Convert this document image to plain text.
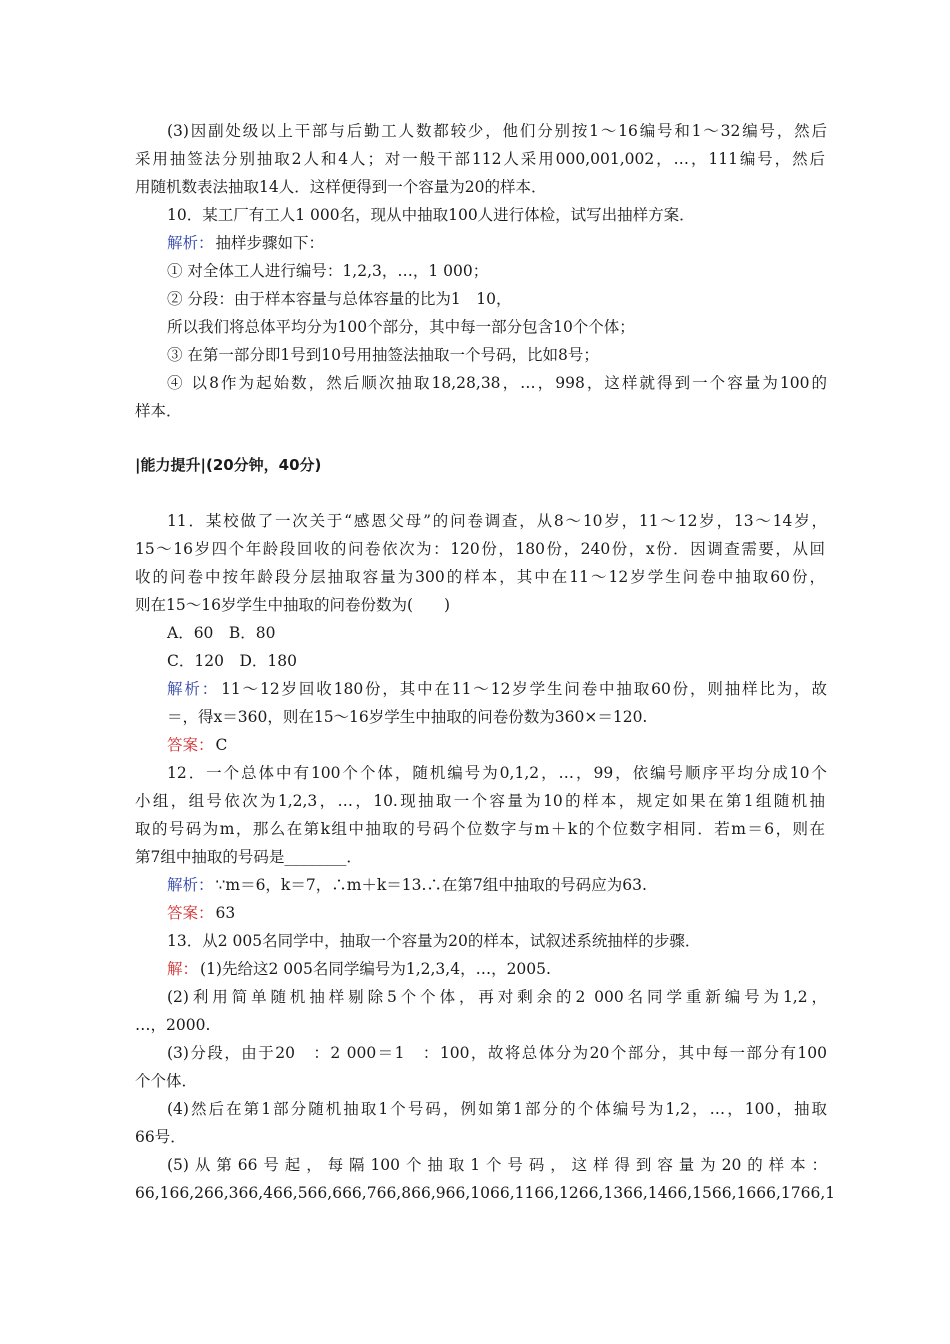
(3)因副处级以上干部与后勤工人数都较少，他们分别按1～16编号和1～32编号，然后
采用抽签法分别抽取2人和4人；对一般干部112人采用000,001,002，…，111编号，然后
用随机数表法抽取14人．这样便得到一个容量为20的样本．
10．某工厂有工人1 000名，现从中抽取100人进行体检，试写出抽样方案．
解析： 抽样步骤如下：
① 对全体工人进行编号：1,2,3，…，1 000；
② 分段：由于样本容量与总体容量的比为1　10，
所以我们将总体平均分为100个部分，其中每一部分包含10个个体；
③ 在第一部分即1号到10号用抽签法抽取一个号码，比如8号；
④ 以8作为起始数，然后顺次抽取18,28,38，…，998，这样就得到一个容量为100的
样本．
|能力提升|(20分钟，40分)
11．某校做了一次关于“感恩父母”的问卷调查，从8～10岁，11～12岁，13～14岁，
15～16岁四个年龄段回收的问卷依次为：120份，180份，240份，x份．因调查需要，从回
收的问卷中按年龄段分层抽取容量为300的样本，其中在11～12岁学生问卷中抽取60份，
则在15～16岁学生中抽取的问卷份数为(　　)
A．60　B．80
C．120　D．180
解析： 11～12岁回收180份，其中在11～12岁学生问卷中抽取60份，则抽样比为，故
＝，得x＝360，则在15～16岁学生中抽取的问卷份数为360×＝120.
答案： C
12．一个总体中有100个个体，随机编号为0,1,2，…，99，依编号顺序平均分成10个
小组，组号依次为1,2,3，…，10.现抽取一个容量为10的样本，规定如果在第1组随机抽
取的号码为m，那么在第k组中抽取的号码个位数字与m＋k的个位数字相同．若m＝6，则在
第7组中抽取的号码是________．
解析： ∵m＝6，k＝7，∴m＋k＝13.∴在第7组中抽取的号码应为63.
答案： 63
13．从2 005名同学中，抽取一个容量为20的样本，试叙述系统抽样的步骤．
解： (1)先给这2 005名同学编号为1,2,3,4，…，2005.
(2)利用简单随机抽样剔除5个个体，再对剩余的2 000名同学重新编号为1,2，
…，2000.
(3)分段，由于20　：2 000＝1　：100，故将总体分为20个部分，其中每一部分有100
个个体．
(4)然后在第1部分随机抽取1个号码，例如第1部分的个体编号为1,2，…，100，抽取
66号．
(5)从第66号起，每隔100个抽取1个号码，这样得到容量为20的样本：
66,166,266,366,466,566,666,766,866,966,1066,1166,1266,1366,1466,1566,1666,1766,1
